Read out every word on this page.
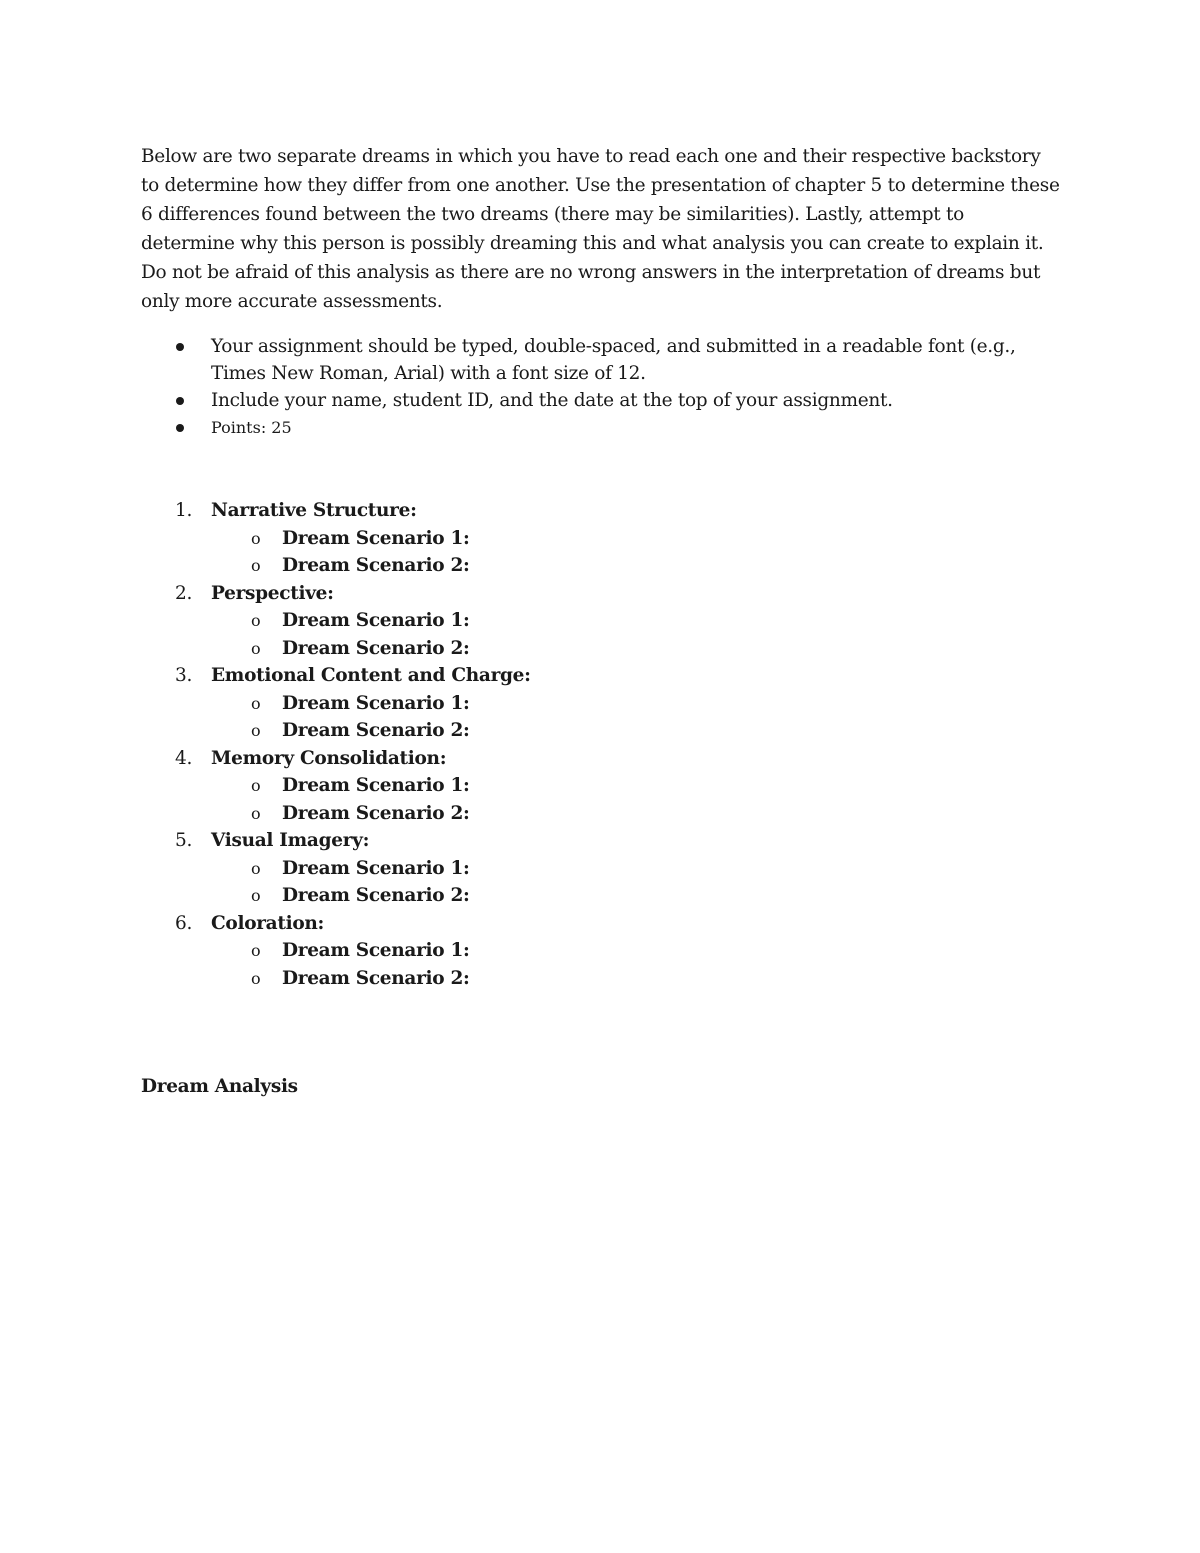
Below are two separate dreams in which you have to read each one and their respective backstory to determine how they differ from one another. Use the presentation of chapter 5 to determine these 6 differences found between the two dreams (there may be similarities). Lastly, attempt to determine why this person is possibly dreaming this and what analysis you can create to explain it. Do not be afraid of this analysis as there are no wrong answers in the interpretation of dreams but only more accurate assessments.

Your assignment should be typed, double-spaced, and submitted in a readable font (e.g., Times New Roman, Arial) with a font size of 12.
Include your name, student ID, and the date at the top of your assignment.
Points: 25
1. Narrative Structure:
o Dream Scenario 1:
o Dream Scenario 2:
2. Perspective:
o Dream Scenario 1:
o Dream Scenario 2:
3. Emotional Content and Charge:
o Dream Scenario 1:
o Dream Scenario 2:
4. Memory Consolidation:
o Dream Scenario 1:
o Dream Scenario 2:
5. Visual Imagery:
o Dream Scenario 1:
o Dream Scenario 2:
6. Coloration:
o Dream Scenario 1:
o Dream Scenario 2:
Dream Analysis
